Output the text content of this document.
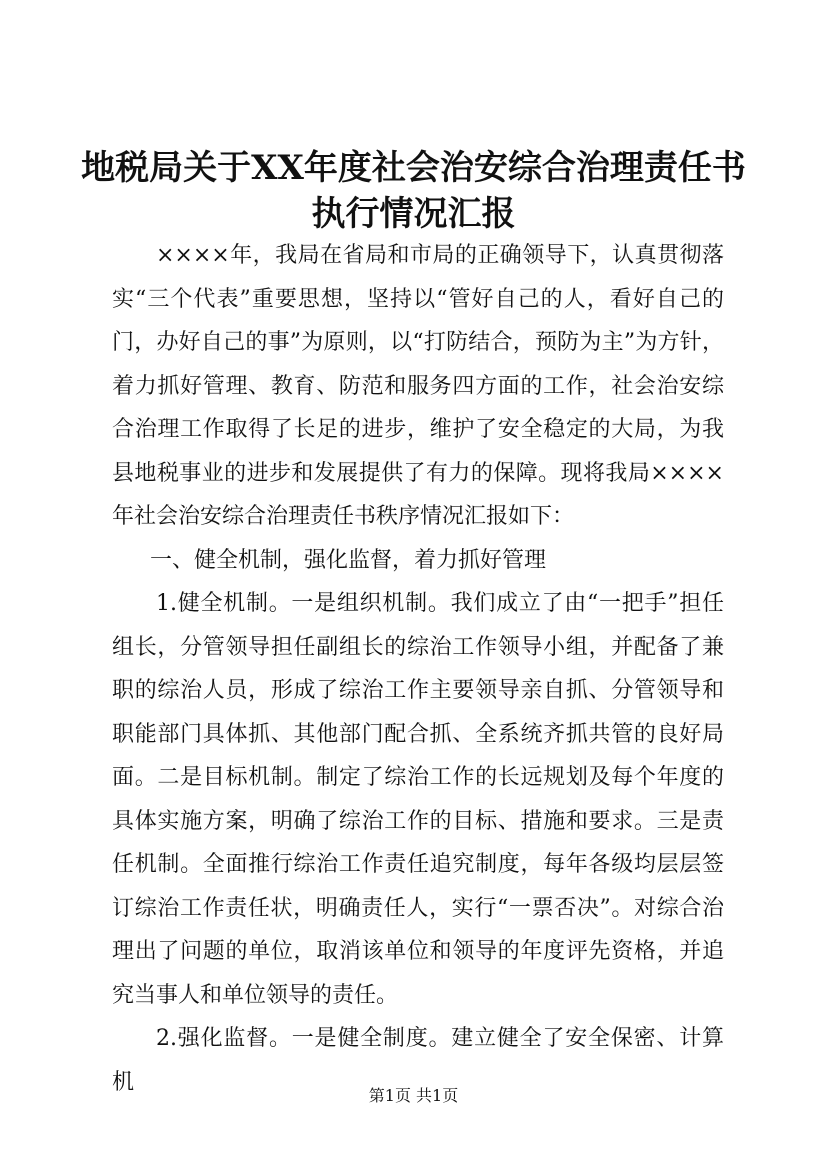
地税局关于XX年度社会治安综合治理责任书
执行情况汇报

××××年，我局在省局和市局的正确领导下，认真贯彻落实“三个代表”重要思想，坚持以“管好自己的人，看好自己的门，办好自己的事”为原则，以“打防结合，预防为主”为方针，着力抓好管理、教育、防范和服务四方面的工作，社会治安综合治理工作取得了长足的进步，维护了安全稳定的大局，为我县地税事业的进步和发展提供了有力的保障。现将我局××××年社会治安综合治理责任书秩序情况汇报如下：

一、健全机制，强化监督，着力抓好管理

1.健全机制。一是组织机制。我们成立了由“一把手”担任组长，分管领导担任副组长的综治工作领导小组，并配备了兼职的综治人员，形成了综治工作主要领导亲自抓、分管领导和职能部门具体抓、其他部门配合抓、全系统齐抓共管的良好局面。二是目标机制。制定了综治工作的长远规划及每个年度的具体实施方案，明确了综治工作的目标、措施和要求。三是责任机制。全面推行综治工作责任追究制度，每年各级均层层签订综治工作责任状，明确责任人，实行“一票否决”。对综合治理出了问题的单位，取消该单位和领导的年度评先资格，并追究当事人和单位领导的责任。

2.强化监督。一是健全制度。建立健全了安全保密、计算机

第1页 共1页
